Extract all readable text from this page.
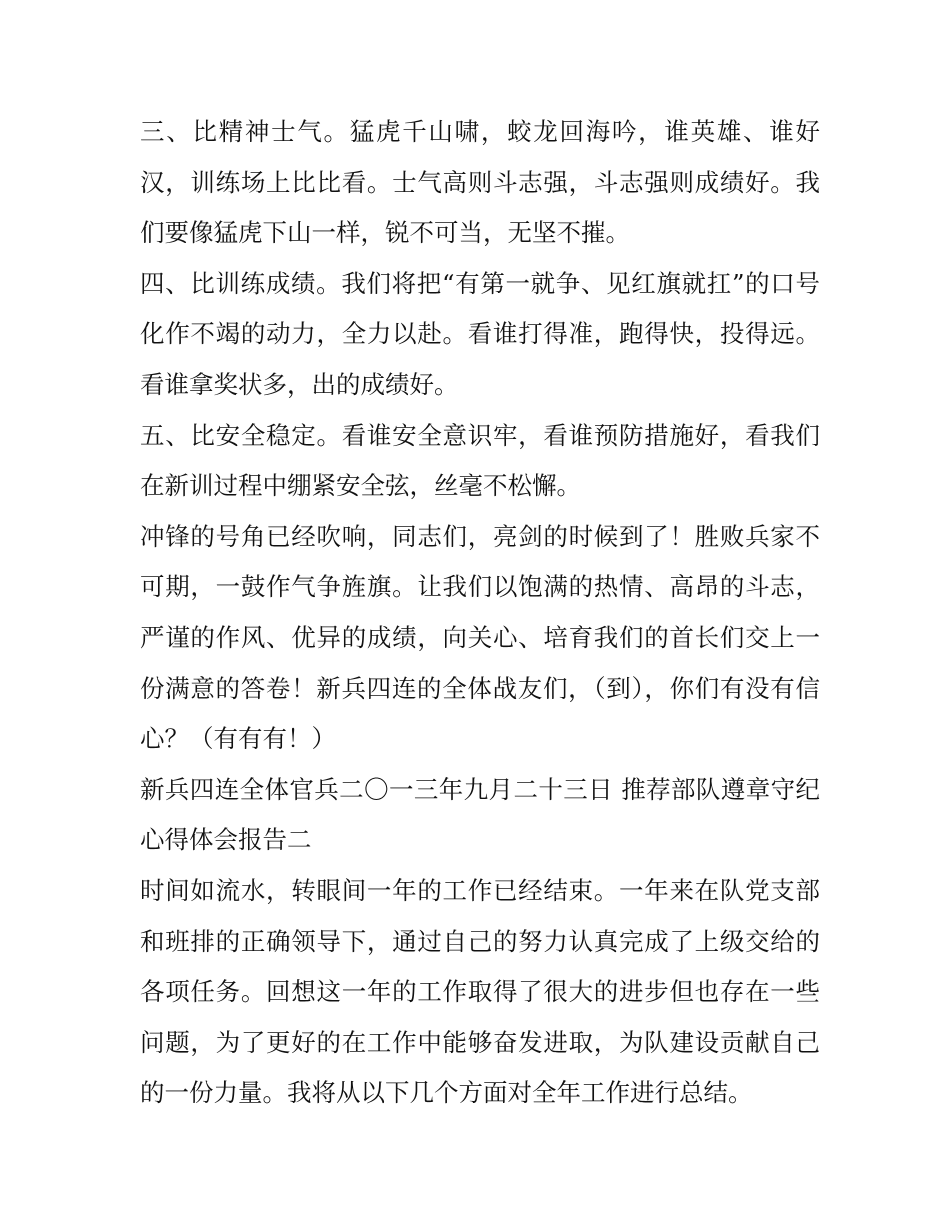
三、比精神士气。猛虎千山啸，蛟龙回海吟，谁英雄、谁好汉，训练场上比比看。士气高则斗志强，斗志强则成绩好。我们要像猛虎下山一样，锐不可当，无坚不摧。

四、比训练成绩。我们将把“有第一就争、见红旗就扛”的口号化作不竭的动力，全力以赴。看谁打得准，跑得快，投得远。看谁拿奖状多，出的成绩好。

五、比安全稳定。看谁安全意识牢，看谁预防措施好，看我们在新训过程中绷紧安全弦，丝毫不松懈。

冲锋的号角已经吹响，同志们，亮剑的时候到了！胜败兵家不可期，一鼓作气争旌旗。让我们以饱满的热情、高昂的斗志，严谨的作风、优异的成绩，向关心、培育我们的首长们交上一份满意的答卷！新兵四连的全体战友们，（到），你们有没有信心？（有有有！）

新兵四连全体官兵二〇一三年九月二十三日 推荐部队遵章守纪心得体会报告二

时间如流水，转眼间一年的工作已经结束。一年来在队党支部和班排的正确领导下，通过自己的努力认真完成了上级交给的各项任务。回想这一年的工作取得了很大的进步但也存在一些问题，为了更好的在工作中能够奋发进取，为队建设贡献自己的一份力量。我将从以下几个方面对全年工作进行总结。
